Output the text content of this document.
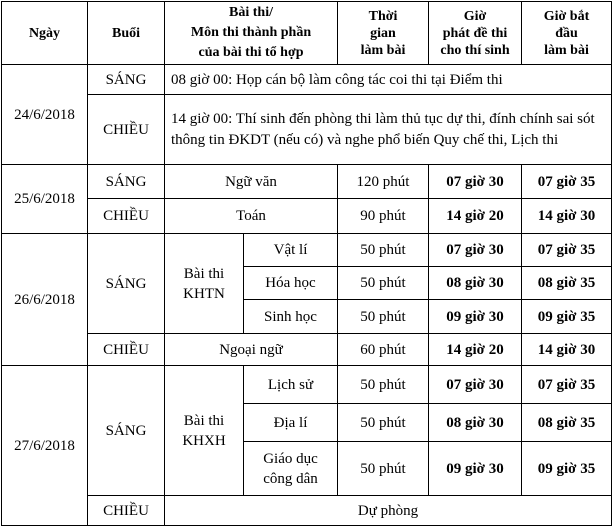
Ngày	Buổi	Bài thi/
Môn thi thành phần
của bài thi tổ hợp		Thời
gian
làm bài	Giờ
phát đề thi
cho thí sinh	Giờ bắt
đầu
làm bài
24/6/2018	SÁNG	08 giờ 00: Họp cán bộ làm công tác coi thi tại Điểm thi				
	CHIỀU	14 giờ 00: Thí sinh đến phòng thi làm thủ tục dự thi, đính chính sai sót thông tin ĐKDT (nếu có) và nghe phổ biến Quy chế thi, Lịch thi				
25/6/2018	SÁNG	Ngữ văn		120 phút	07 giờ 30	07 giờ 35
	CHIỀU	Toán		90 phút	14 giờ 20	14 giờ 30
26/6/2018	SÁNG	Bài thi
KHTN	Vật lí	50 phút	07 giờ 30	07 giờ 35
			Hóa học	50 phút	08 giờ 30	08 giờ 35
			Sinh học	50 phút	09 giờ 30	09 giờ 35
	CHIỀU	Ngoại ngữ		60 phút	14 giờ 20	14 giờ 30
27/6/2018	SÁNG	Bài thi
KHXH	Lịch sử	50 phút	07 giờ 30	07 giờ 35
			Địa lí	50 phút	08 giờ 30	08 giờ 35
			Giáo dục
công dân	50 phút	09 giờ 30	09 giờ 35
	CHIỀU	Dự phòng				
